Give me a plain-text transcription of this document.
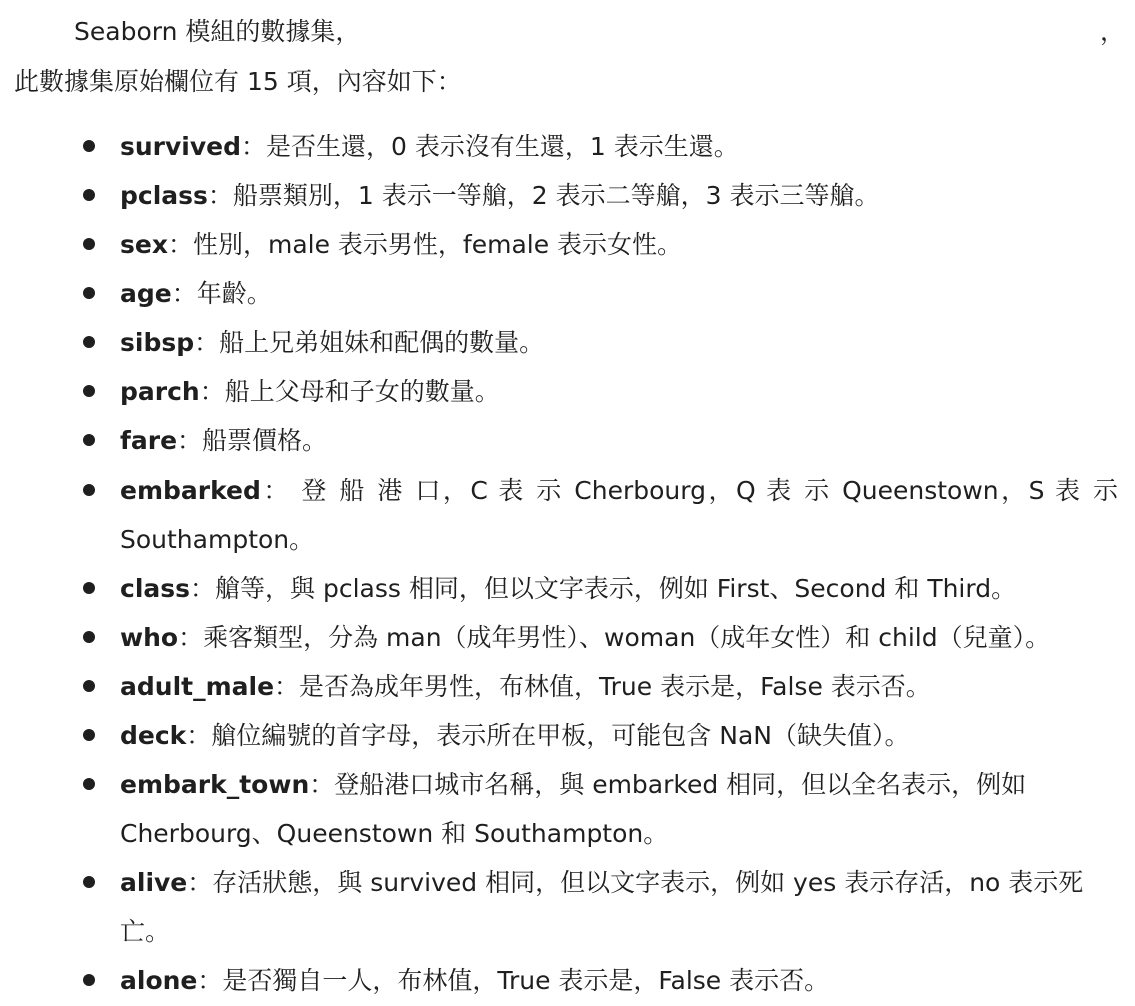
Seaborn 模組的數據集，	，
此數據集原始欄位有 15 項，內容如下：
survived：是否生還，0 表示沒有生還，1 表示生還。
pclass：船票類別，1 表示一等艙，2 表示二等艙，3 表示三等艙。
sex：性別，male 表示男性，female 表示女性。
age：年齡。
sibsp：船上兄弟姐妹和配偶的數量。
parch：船上父母和子女的數量。
fare：船票價格。
embarked： 登 船 港 口，C 表 示 Cherbourg，Q 表 示 Queenstown，S 表 示 Southampton。
class：艙等，與 pclass 相同，但以文字表示，例如 First、Second 和 Third。
who：乘客類型，分為 man（成年男性）、woman（成年女性）和 child（兒童）。
adult_male：是否為成年男性，布林值，True 表示是，False 表示否。
deck：艙位編號的首字母，表示所在甲板，可能包含 NaN（缺失值）。
embark_town：登船港口城市名稱，與 embarked 相同，但以全名表示，例如 Cherbourg、Queenstown 和 Southampton。
alive：存活狀態，與 survived 相同，但以文字表示，例如 yes 表示存活，no 表示死亡。
alone：是否獨自一人，布林值，True 表示是，False 表示否。
